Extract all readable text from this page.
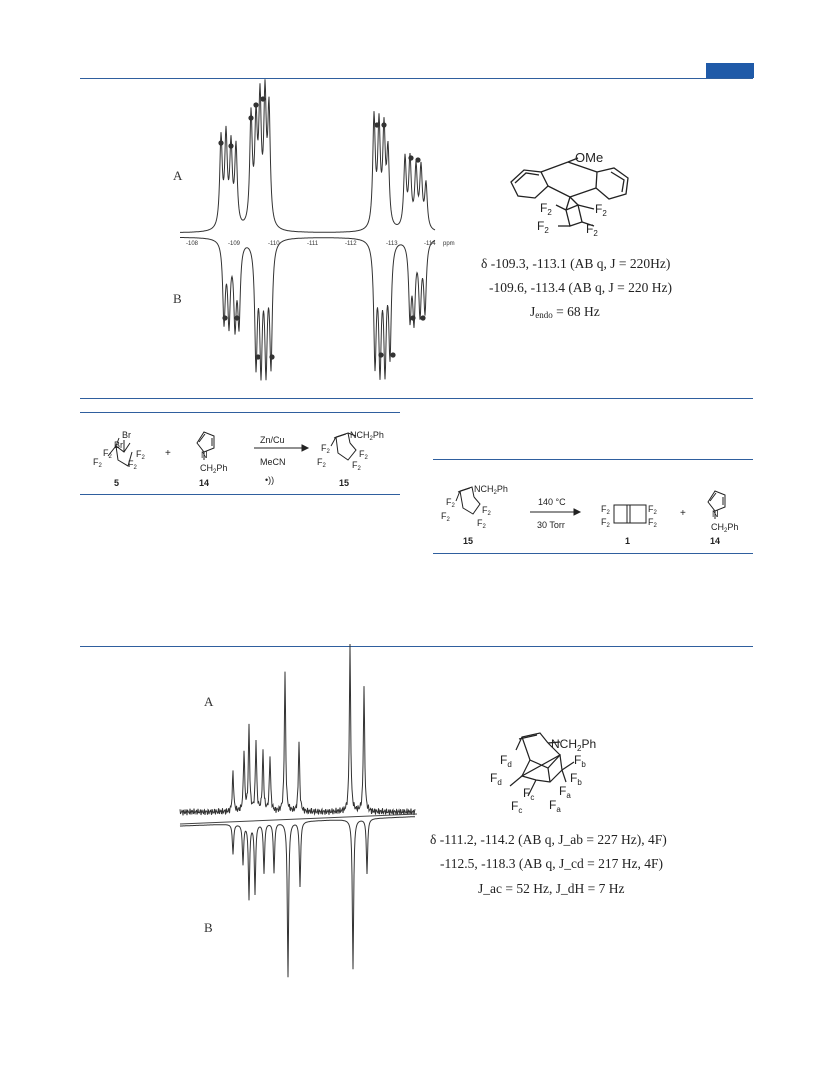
A
B
-108	-109	-110	-111	-112	-113	-114 ppm
OMe
$F_2$	$F_2$
$F_2$	$F_2$
δ -109.3, -113.1 (AB q, J = 220Hz)
-109.6, -113.4 (AB q, J = 220 Hz)
$J_{endo} = 68$ Hz
Br
Br
$F_2$	$F_2$
$F_2$	$F_2$
5
+	N
$CH_2Ph$
14
Zn/Cu
MeCN
•))
$NCH_2Ph$
$F_2$	$F_2$
$F_2$	$F_2$
15
$NCH_2Ph$
$F_2$	$F_2$
$F_2$	$F_2$
15
140 °C
30 Torr
$F_2$	$F_2$
$F_2$	$F_2$
1
+	N
$CH_2Ph$
14
A
B
$NCH_2Ph$
$F_d$	$F_b$
$F_d$	$F_b$
$F_c$ $F_a$
$F_c$ $F_a$
δ -111.2, -114.2 (AB q, J_ab = 227 Hz), 4F)
-112.5, -118.3 (AB q, J_cd = 217 Hz, 4F)
J_ac = 52 Hz, J_dH = 7 Hz
